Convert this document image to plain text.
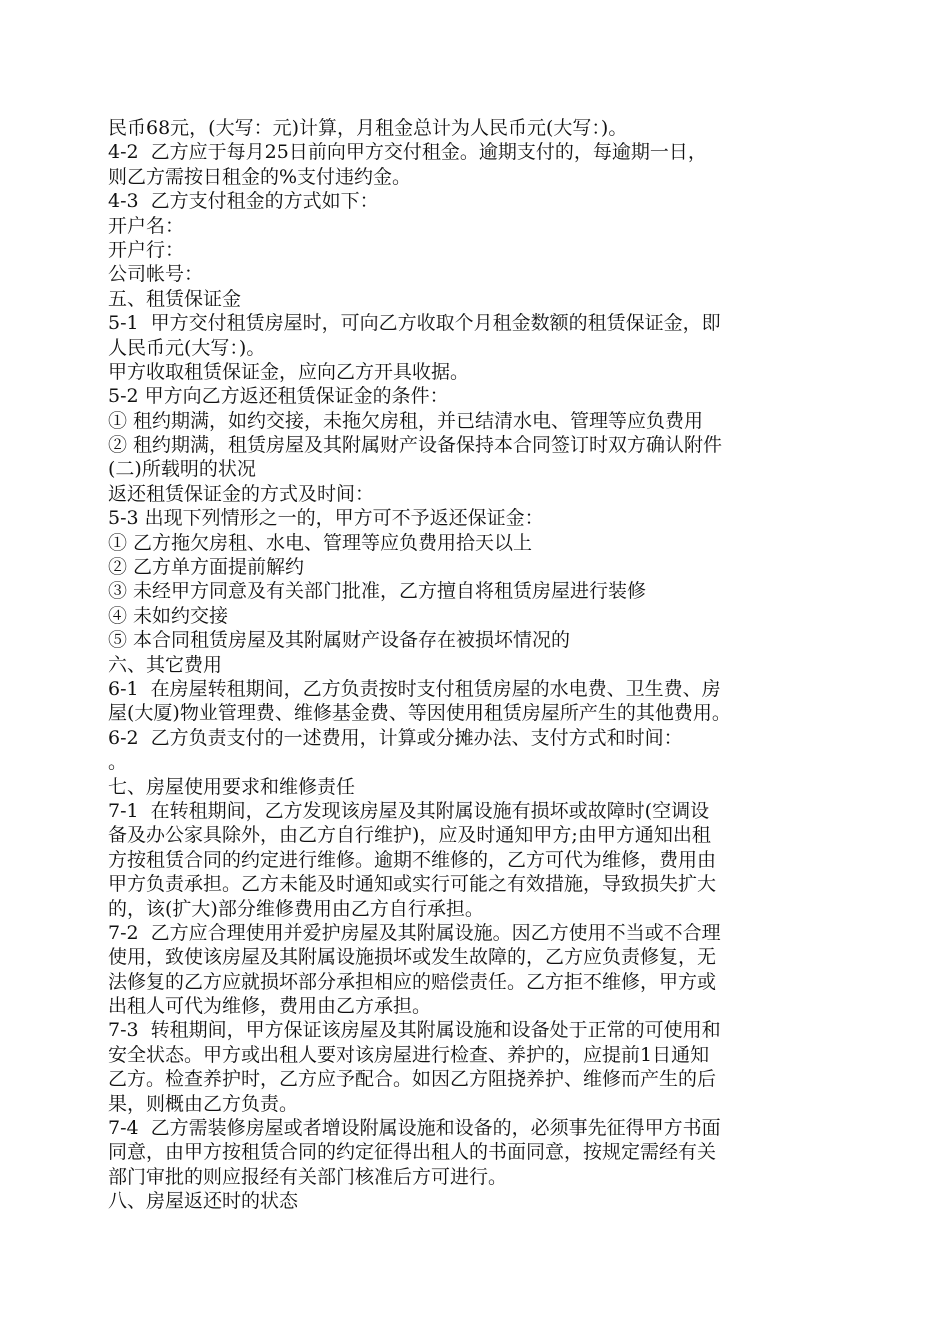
民币68元，(大写：元)计算，月租金总计为人民币元(大写：)。
4-2  乙方应于每月25日前向甲方交付租金。逾期支付的，每逾期一日，
则乙方需按日租金的%支付违约金。
4-3  乙方支付租金的方式如下：
开户名：
开户行：
公司帐号：
五、租赁保证金
5-1  甲方交付租赁房屋时，可向乙方收取个月租金数额的租赁保证金，即
人民币元(大写：)。
甲方收取租赁保证金，应向乙方开具收据。
5-2 甲方向乙方返还租赁保证金的条件：
① 租约期满，如约交接，未拖欠房租，并已结清水电、管理等应负费用
② 租约期满，租赁房屋及其附属财产设备保持本合同签订时双方确认附件
(二)所载明的状况
返还租赁保证金的方式及时间：
5-3 出现下列情形之一的，甲方可不予返还保证金：
① 乙方拖欠房租、水电、管理等应负费用拾天以上
② 乙方单方面提前解约
③ 未经甲方同意及有关部门批准，乙方擅自将租赁房屋进行装修
④ 未如约交接
⑤ 本合同租赁房屋及其附属财产设备存在被损坏情况的
六、其它费用
6-1  在房屋转租期间，乙方负责按时支付租赁房屋的水电费、卫生费、房
屋(大厦)物业管理费、维修基金费、等因使用租赁房屋所产生的其他费用。
6-2  乙方负责支付的一述费用，计算或分摊办法、支付方式和时间：
。
七、房屋使用要求和维修责任
7-1  在转租期间，乙方发现该房屋及其附属设施有损坏或故障时(空调设
备及办公家具除外，由乙方自行维护)，应及时通知甲方;由甲方通知出租
方按租赁合同的约定进行维修。逾期不维修的，乙方可代为维修，费用由
甲方负责承担。乙方未能及时通知或实行可能之有效措施，导致损失扩大
的，该(扩大)部分维修费用由乙方自行承担。
7-2  乙方应合理使用并爱护房屋及其附属设施。因乙方使用不当或不合理
使用，致使该房屋及其附属设施损坏或发生故障的，乙方应负责修复，无
法修复的乙方应就损坏部分承担相应的赔偿责任。乙方拒不维修，甲方或
出租人可代为维修，费用由乙方承担。
7-3  转租期间，甲方保证该房屋及其附属设施和设备处于正常的可使用和
安全状态。甲方或出租人要对该房屋进行检查、养护的，应提前1日通知
乙方。检查养护时，乙方应予配合。如因乙方阻挠养护、维修而产生的后
果，则概由乙方负责。
7-4  乙方需装修房屋或者增设附属设施和设备的，必须事先征得甲方书面
同意，由甲方按租赁合同的约定征得出租人的书面同意，按规定需经有关
部门审批的则应报经有关部门核准后方可进行。
八、房屋返还时的状态
